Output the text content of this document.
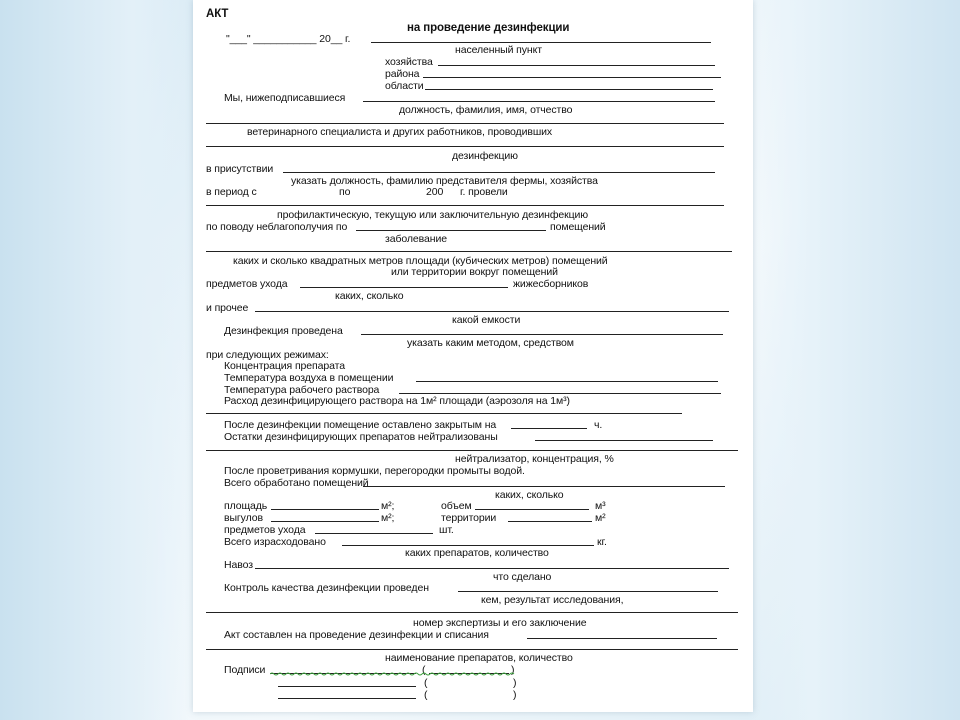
АКТ
на проведение дезинфекции
"___" ___________ 20__ г.
населенный пункт
хозяйства
района
области
Мы, нижеподписавшиеся
должность, фамилия, имя, отчество
ветеринарного специалиста и других работников, проводивших
дезинфекцию
в присутствии
указать должность, фамилию представителя фермы, хозяйства
в период с	по	200 г. провели
профилактическую, текущую или заключительную дезинфекцию
по поводу неблагополучия по	помещений
заболевание
каких и сколько квадратных метров площади (кубических метров) помещений
или территории вокруг помещений
предметов ухода	жижесборников
каких, сколько
и прочее
какой емкости
Дезинфекция проведена
указать каким методом, средством
при следующих режимах:
Концентрация препарата
Температура воздуха в помещении
Температура рабочего раствора
Расход дезинфицирующего раствора на 1м² площади (аэрозоля на 1м³)
После дезинфекции помещение оставлено закрытым на	ч.
Остатки дезинфицирующих препаратов нейтрализованы
нейтрализатор, концентрация, %
После проветривания кормушки, перегородки промыты водой.
Всего обработано помещений
каких, сколько
площадь	м²;	объем	м³
выгулов	м²;	территории	м²
предметов ухода	шт.
Всего израсходовано	кг.
каких препаратов, количество
Навоз
что сделано
Контроль качества дезинфекции проведен
кем, результат исследования,
номер экспертизы и его заключение
Акт составлен на проведение дезинфекции и списания
наименование препаратов, количество
Подписи	(	)
(	)
(	)
